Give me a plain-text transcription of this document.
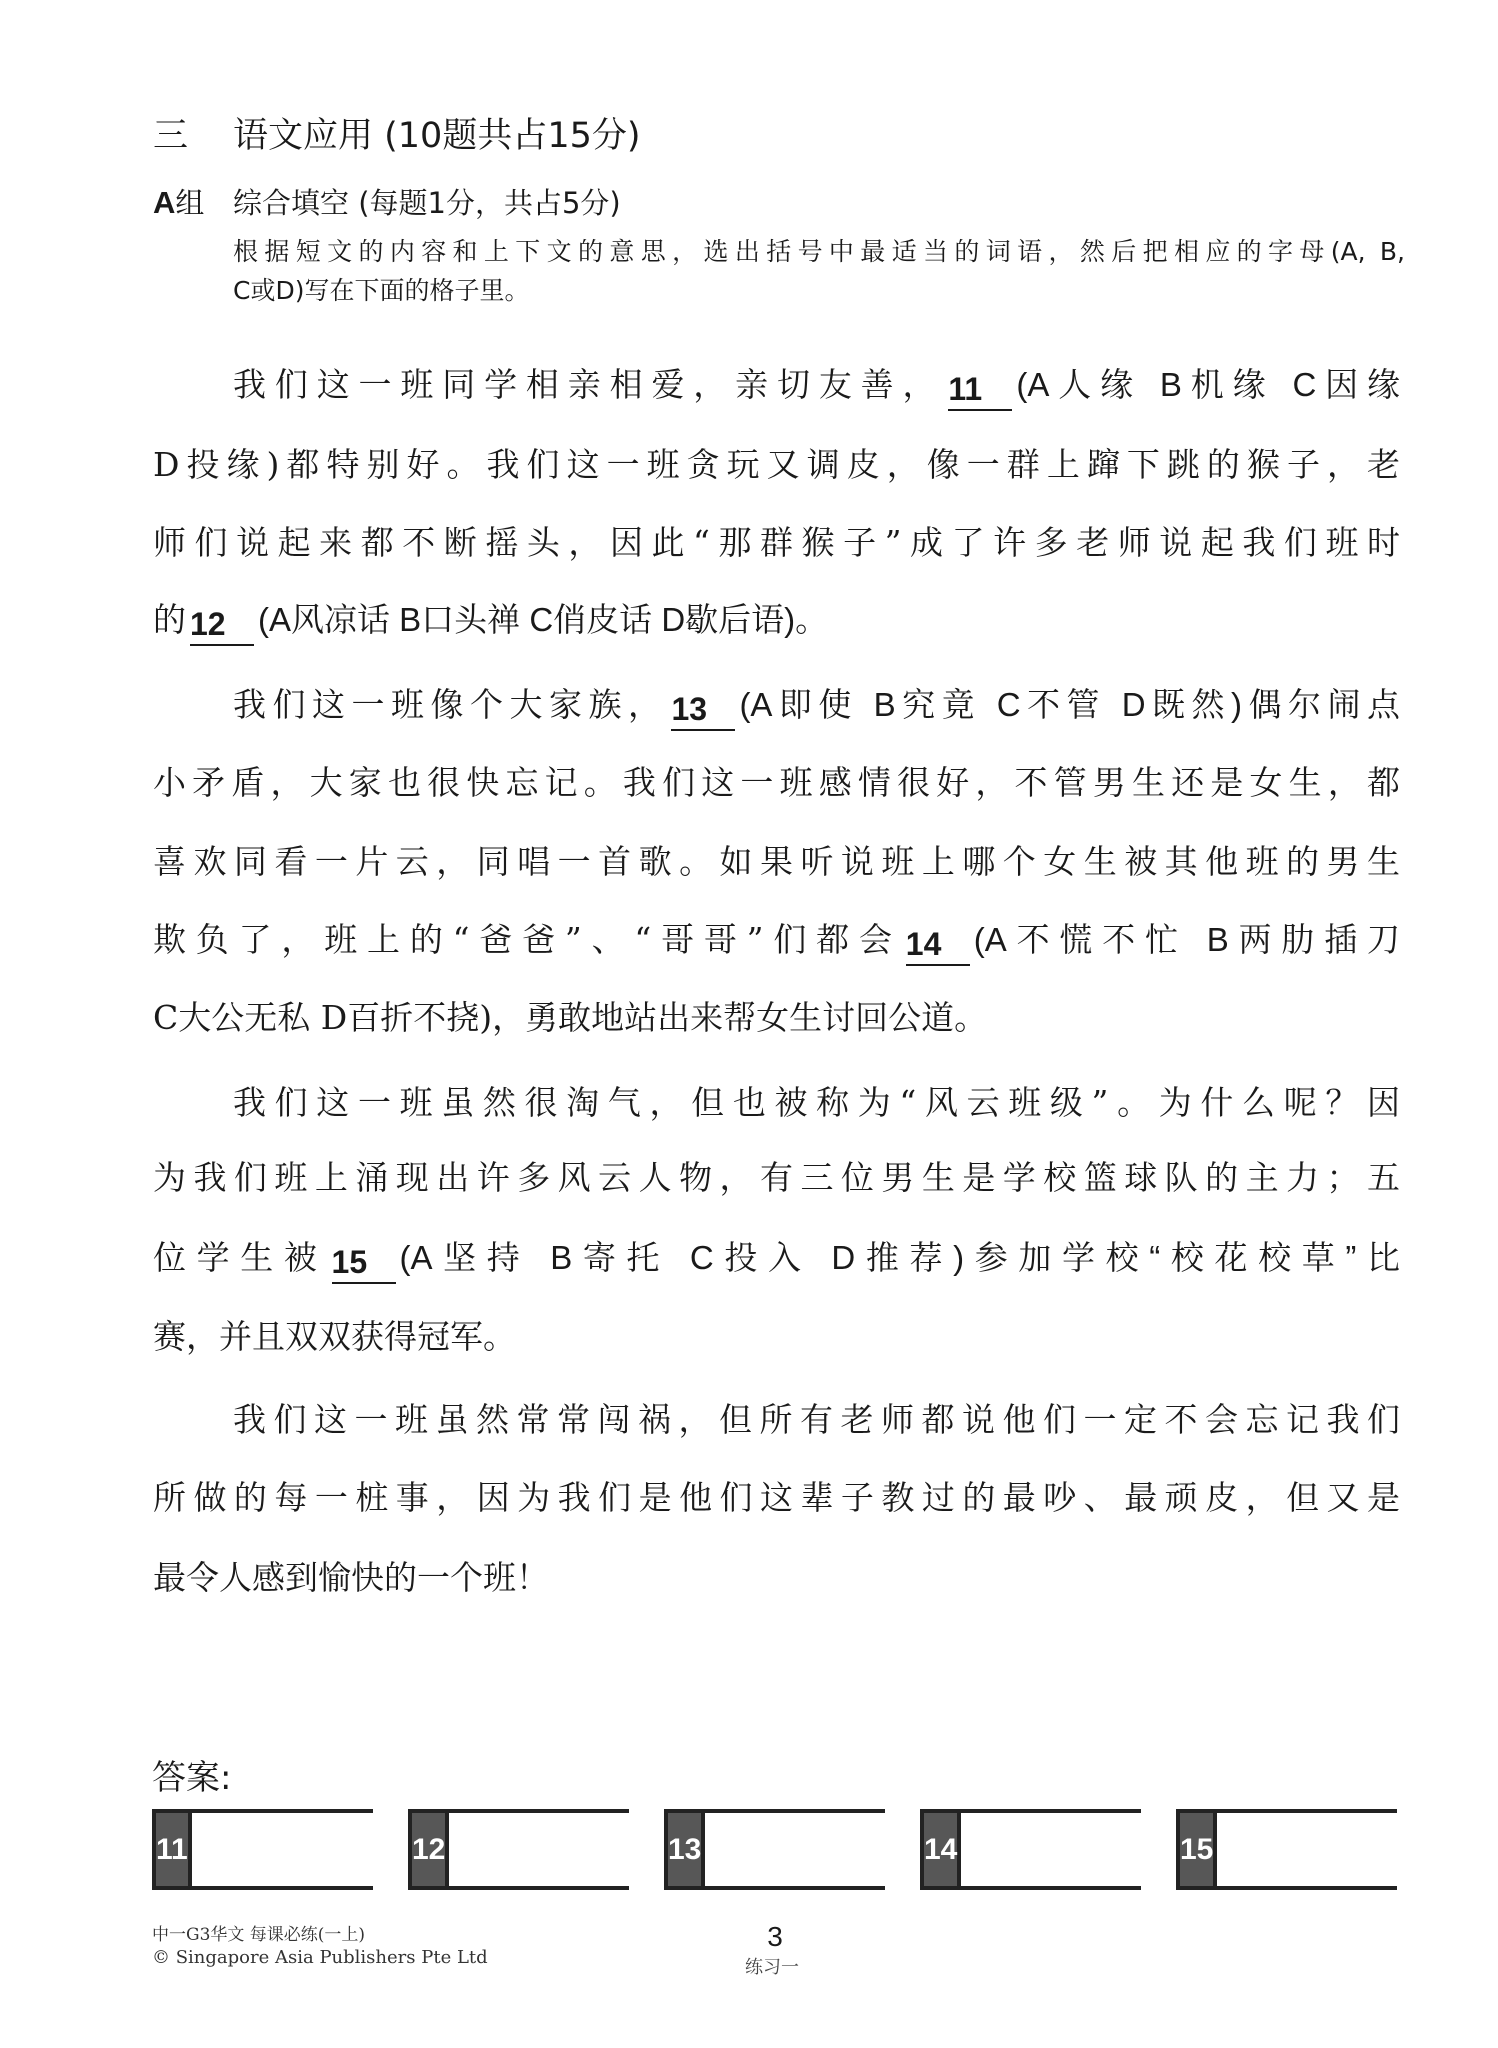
三 语文应用 (10题共占15分)
A组 综合填空 (每题1分，共占5分)
根据短文的内容和上下文的意思，选出括号中最适当的词语，然后把相应的字母(A, B,
C或D)写在下面的格子里。
我们这一班同学相亲相爱，亲切友善， 11 (A人缘 B机缘 C因缘
D投缘)都特别好。我们这一班贪玩又调皮，像一群上蹿下跳的猴子，老
师们说起来都不断摇头，因此“那群猴子”成了许多老师说起我们班时
的 12 (A风凉话 B口头禅 C俏皮话 D歇后语)。
我们这一班像个大家族， 13 (A即使 B究竟 C不管 D既然)偶尔闹点
小矛盾，大家也很快忘记。我们这一班感情很好，不管男生还是女生，都
喜欢同看一片云，同唱一首歌。如果听说班上哪个女生被其他班的男生
欺负了，班上的“爸爸”、“哥哥”们都会 14 (A不慌不忙 B两肋插刀
C大公无私 D百折不挠)，勇敢地站出来帮女生讨回公道。
我们这一班虽然很淘气，但也被称为“风云班级”。为什么呢？因
为我们班上涌现出许多风云人物，有三位男生是学校篮球队的主力；五
位学生被 15 (A坚持 B寄托 C投入 D推荐)参加学校“校花校草”比
赛，并且双双获得冠军。
我们这一班虽然常常闯祸，但所有老师都说他们一定不会忘记我们
所做的每一桩事，因为我们是他们这辈子教过的最吵、最顽皮，但又是
最令人感到愉快的一个班！
答案:
11	12	13	14	15
中一G3华文 每课必练(一上)
© Singapore Asia Publishers Pte Ltd
3
练习一
